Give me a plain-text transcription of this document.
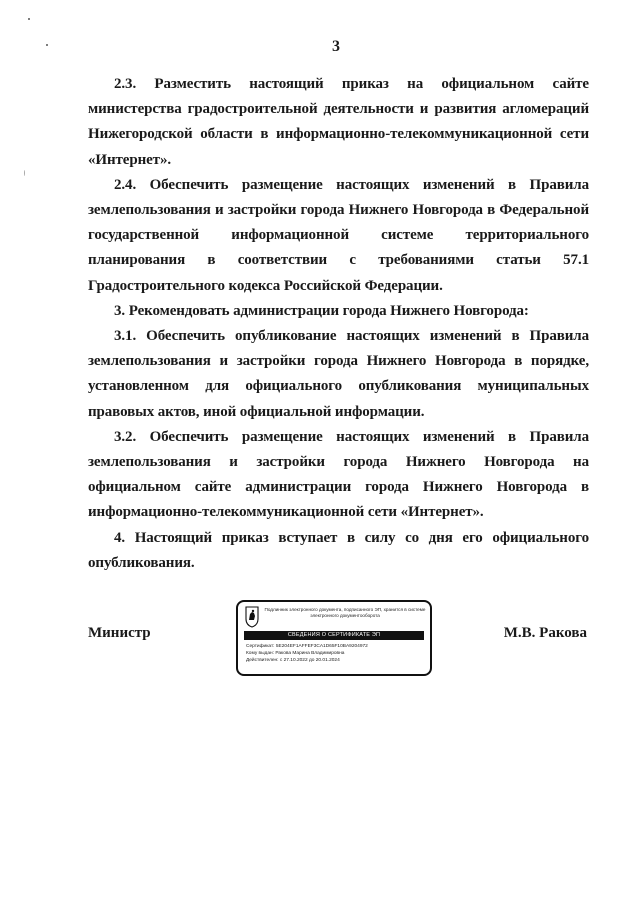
3

2.3. Разместить настоящий приказ на официальном сайте министерства градостроительной деятельности и развития агломераций Нижегородской области в информационно-телекоммуникационной сети «Интернет».

2.4. Обеспечить размещение настоящих изменений в Правила землепользования и застройки города Нижнего Новгорода в Федеральной государственной информационной системе территориального планирования в соответствии с требованиями статьи 57.1 Градостроительного кодекса Российской Федерации.

3. Рекомендовать администрации города Нижнего Новгорода:

3.1. Обеспечить опубликование настоящих изменений в Правила землепользования и застройки города Нижнего Новгорода в порядке, установленном для официального опубликования муниципальных правовых актов, иной официальной информации.

3.2. Обеспечить размещение настоящих изменений в Правила землепользования и застройки города Нижнего Новгорода на официальном сайте администрации города Нижнего Новгорода в информационно-телекоммуникационной сети «Интернет».

4. Настоящий приказ вступает в силу со дня его официального опубликования.

Министр
Подлинник электронного документа, подписанного ЭП, хранится в системе электронного документооборота
СВЕДЕНИЯ О СЕРТИФИКАТЕ ЭП
Сертификат: 5E204EF1AFFEF3CA1D65F10BA9204972
Кому выдан: Ракова Марина Владимировна
Действителен: с 27.10.2022 до 20.01.2024
М.В. Ракова
